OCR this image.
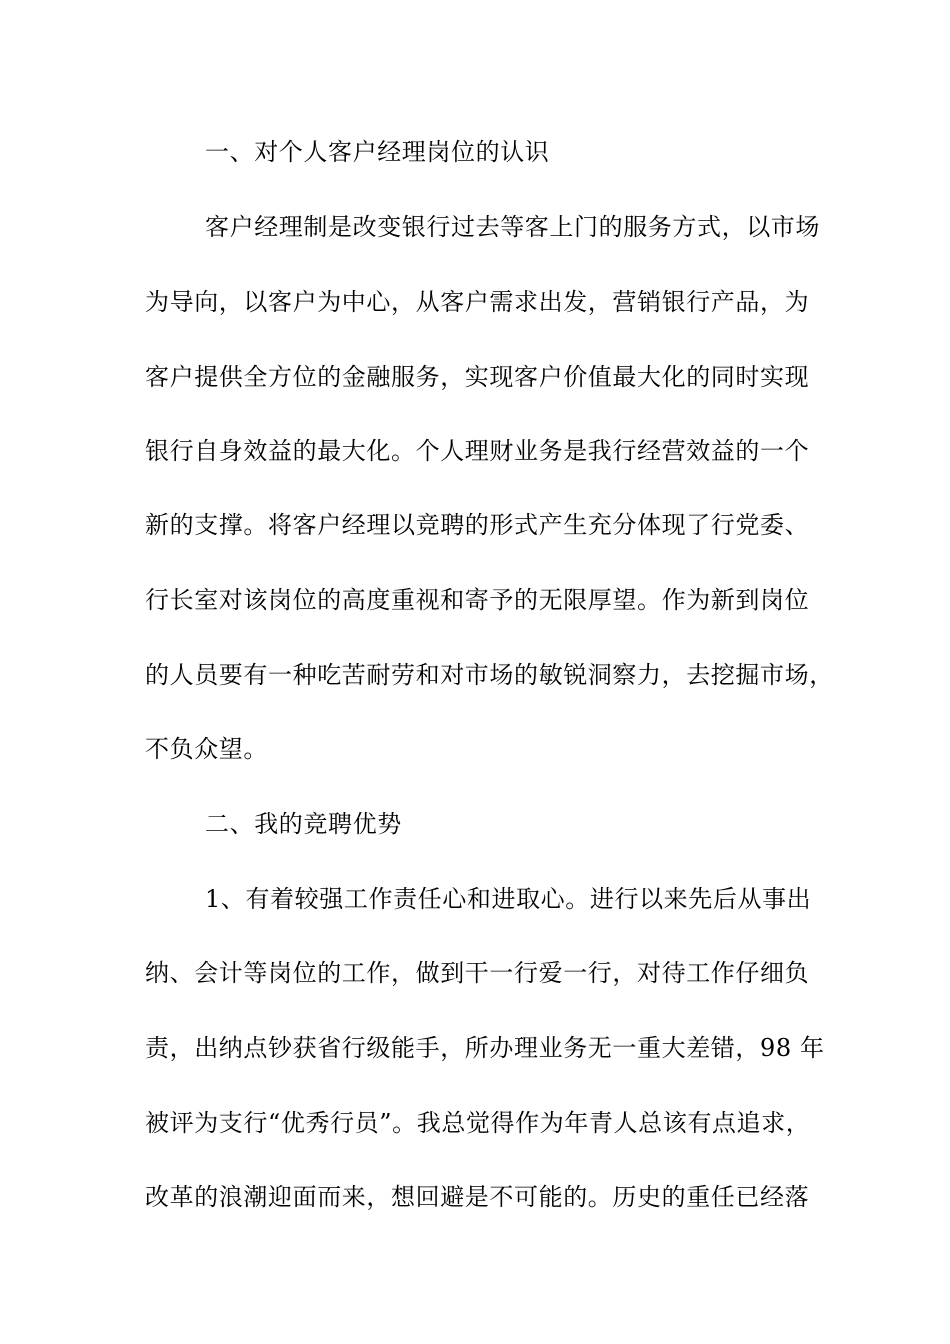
一、对个人客户经理岗位的认识
客户经理制是改变银行过去等客上门的服务方式，以市场
为导向，以客户为中心，从客户需求出发，营销银行产品，为
客户提供全方位的金融服务，实现客户价值最大化的同时实现
银行自身效益的最大化。个人理财业务是我行经营效益的一个
新的支撑。将客户经理以竞聘的形式产生充分体现了行党委、
行长室对该岗位的高度重视和寄予的无限厚望。作为新到岗位
的人员要有一种吃苦耐劳和对市场的敏锐洞察力，去挖掘市场，
不负众望。
二、我的竞聘优势
1、有着较强工作责任心和进取心。进行以来先后从事出
纳、会计等岗位的工作，做到干一行爱一行，对待工作仔细负
责，出纳点钞获省行级能手，所办理业务无一重大差错，98 年
被评为支行“优秀行员”。我总觉得作为年青人总该有点追求，
改革的浪潮迎面而来，想回避是不可能的。历史的重任已经落
